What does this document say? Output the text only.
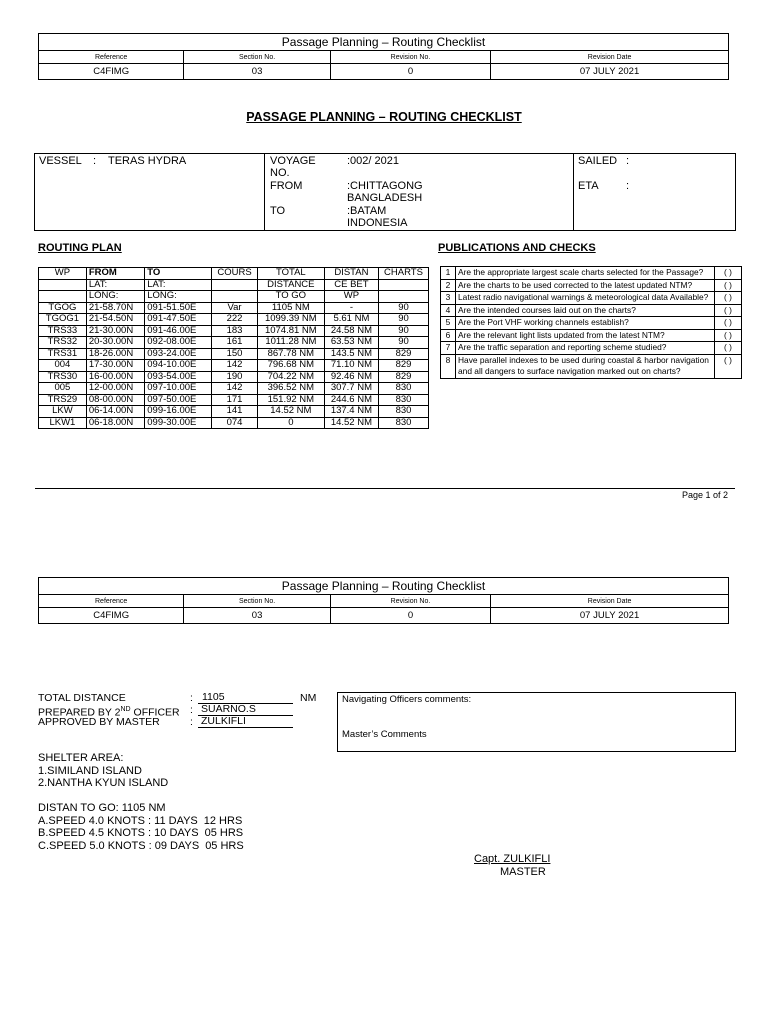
Passage Planning – Routing Checklist			
Reference	Section No.	Revision No.	Revision Date
C4FIMG	03	0	07 JULY 2021
PASSAGE PLANNING – ROUTING CHECKLIST
VESSEL : TERAS HYDRA	VOYAGE NO.
:002/ 2021
FROM	:CHITTAGONG BANGLADESH
TO	:BATAM INDONESIA
SAILED :
ETA :
ROUTING PLAN
WP	FROM	TO	COURS	TOTAL	DISTAN	CHARTS
	LAT:	LAT:		DISTANCE	CE BET	
	LONG:	LONG:		TO GO	WP	
TGOG	21-58.70N	091-51.50E	Var	1105 NM	-	90
TGOG1	21-54.50N	091-47.50E	222	1099.39 NM	5.61 NM	90
TRS33	21-30.00N	091-46.00E	183	1074.81 NM	24.58 NM	90
TRS32	20-30.00N	092-08.00E	161	1011.28 NM	63.53 NM	90
TRS31	18-26.00N	093-24.00E	150	867.78 NM	143.5 NM	829
004	17-30.00N	094-10.00E	142	796.68 NM	71.10 NM	829
TRS30	16-00.00N	093-54.00E	190	704.22 NM	92.46 NM	829
005	12-00.00N	097-10.00E	142	396.52 NM	307.7 NM	830
TRS29	08-00.00N	097-50.00E	171	151.92 NM	244.6 NM	830
LKW	06-14.00N	099-16.00E	141	14.52 NM	137.4 NM	830
LKW1	06-18.00N	099-30.00E	074	0	14.52 NM	830
PUBLICATIONS AND CHECKS
1	Are the appropriate largest scale charts selected for the Passage?	( )
2	Are the charts to be used corrected to the latest updated NTM?	( )
3	Latest radio navigational warnings & meteorological data Available?	( )
4	Are the intended courses laid out on the charts?	( )
5	Are the Port VHF working channels establish?	( )
6	Are the relevant light lists updated from the latest NTM?	( )
7	Are the traffic separation and reporting scheme studied?	( )
8	Have parallel indexes to be used during coastal & harbor navigation and all dangers to surface navigation marked out on charts?	( )
Page 1 of 2
Passage Planning – Routing Checklist			
Reference	Section No.	Revision No.	Revision Date
C4FIMG	03	0	07 JULY 2021
TOTAL DISTANCE	: 1105	NM
PREPARED BY 2ND OFFICER : SUARNO.S
APPROVED BY MASTER	: ZULKIFLI
Navigating Officers comments:
Master’s Comments
SHELTER AREA:
1.SIMILAND ISLAND
2.NANTHA KYUN ISLAND
DISTAN TO GO: 1105 NM
A.SPEED 4.0 KNOTS : 11 DAYS 12 HRS
B.SPEED 4.5 KNOTS : 10 DAYS 05 HRS
C.SPEED 5.0 KNOTS : 09 DAYS 05 HRS
Capt. ZULKIFLI
MASTER
